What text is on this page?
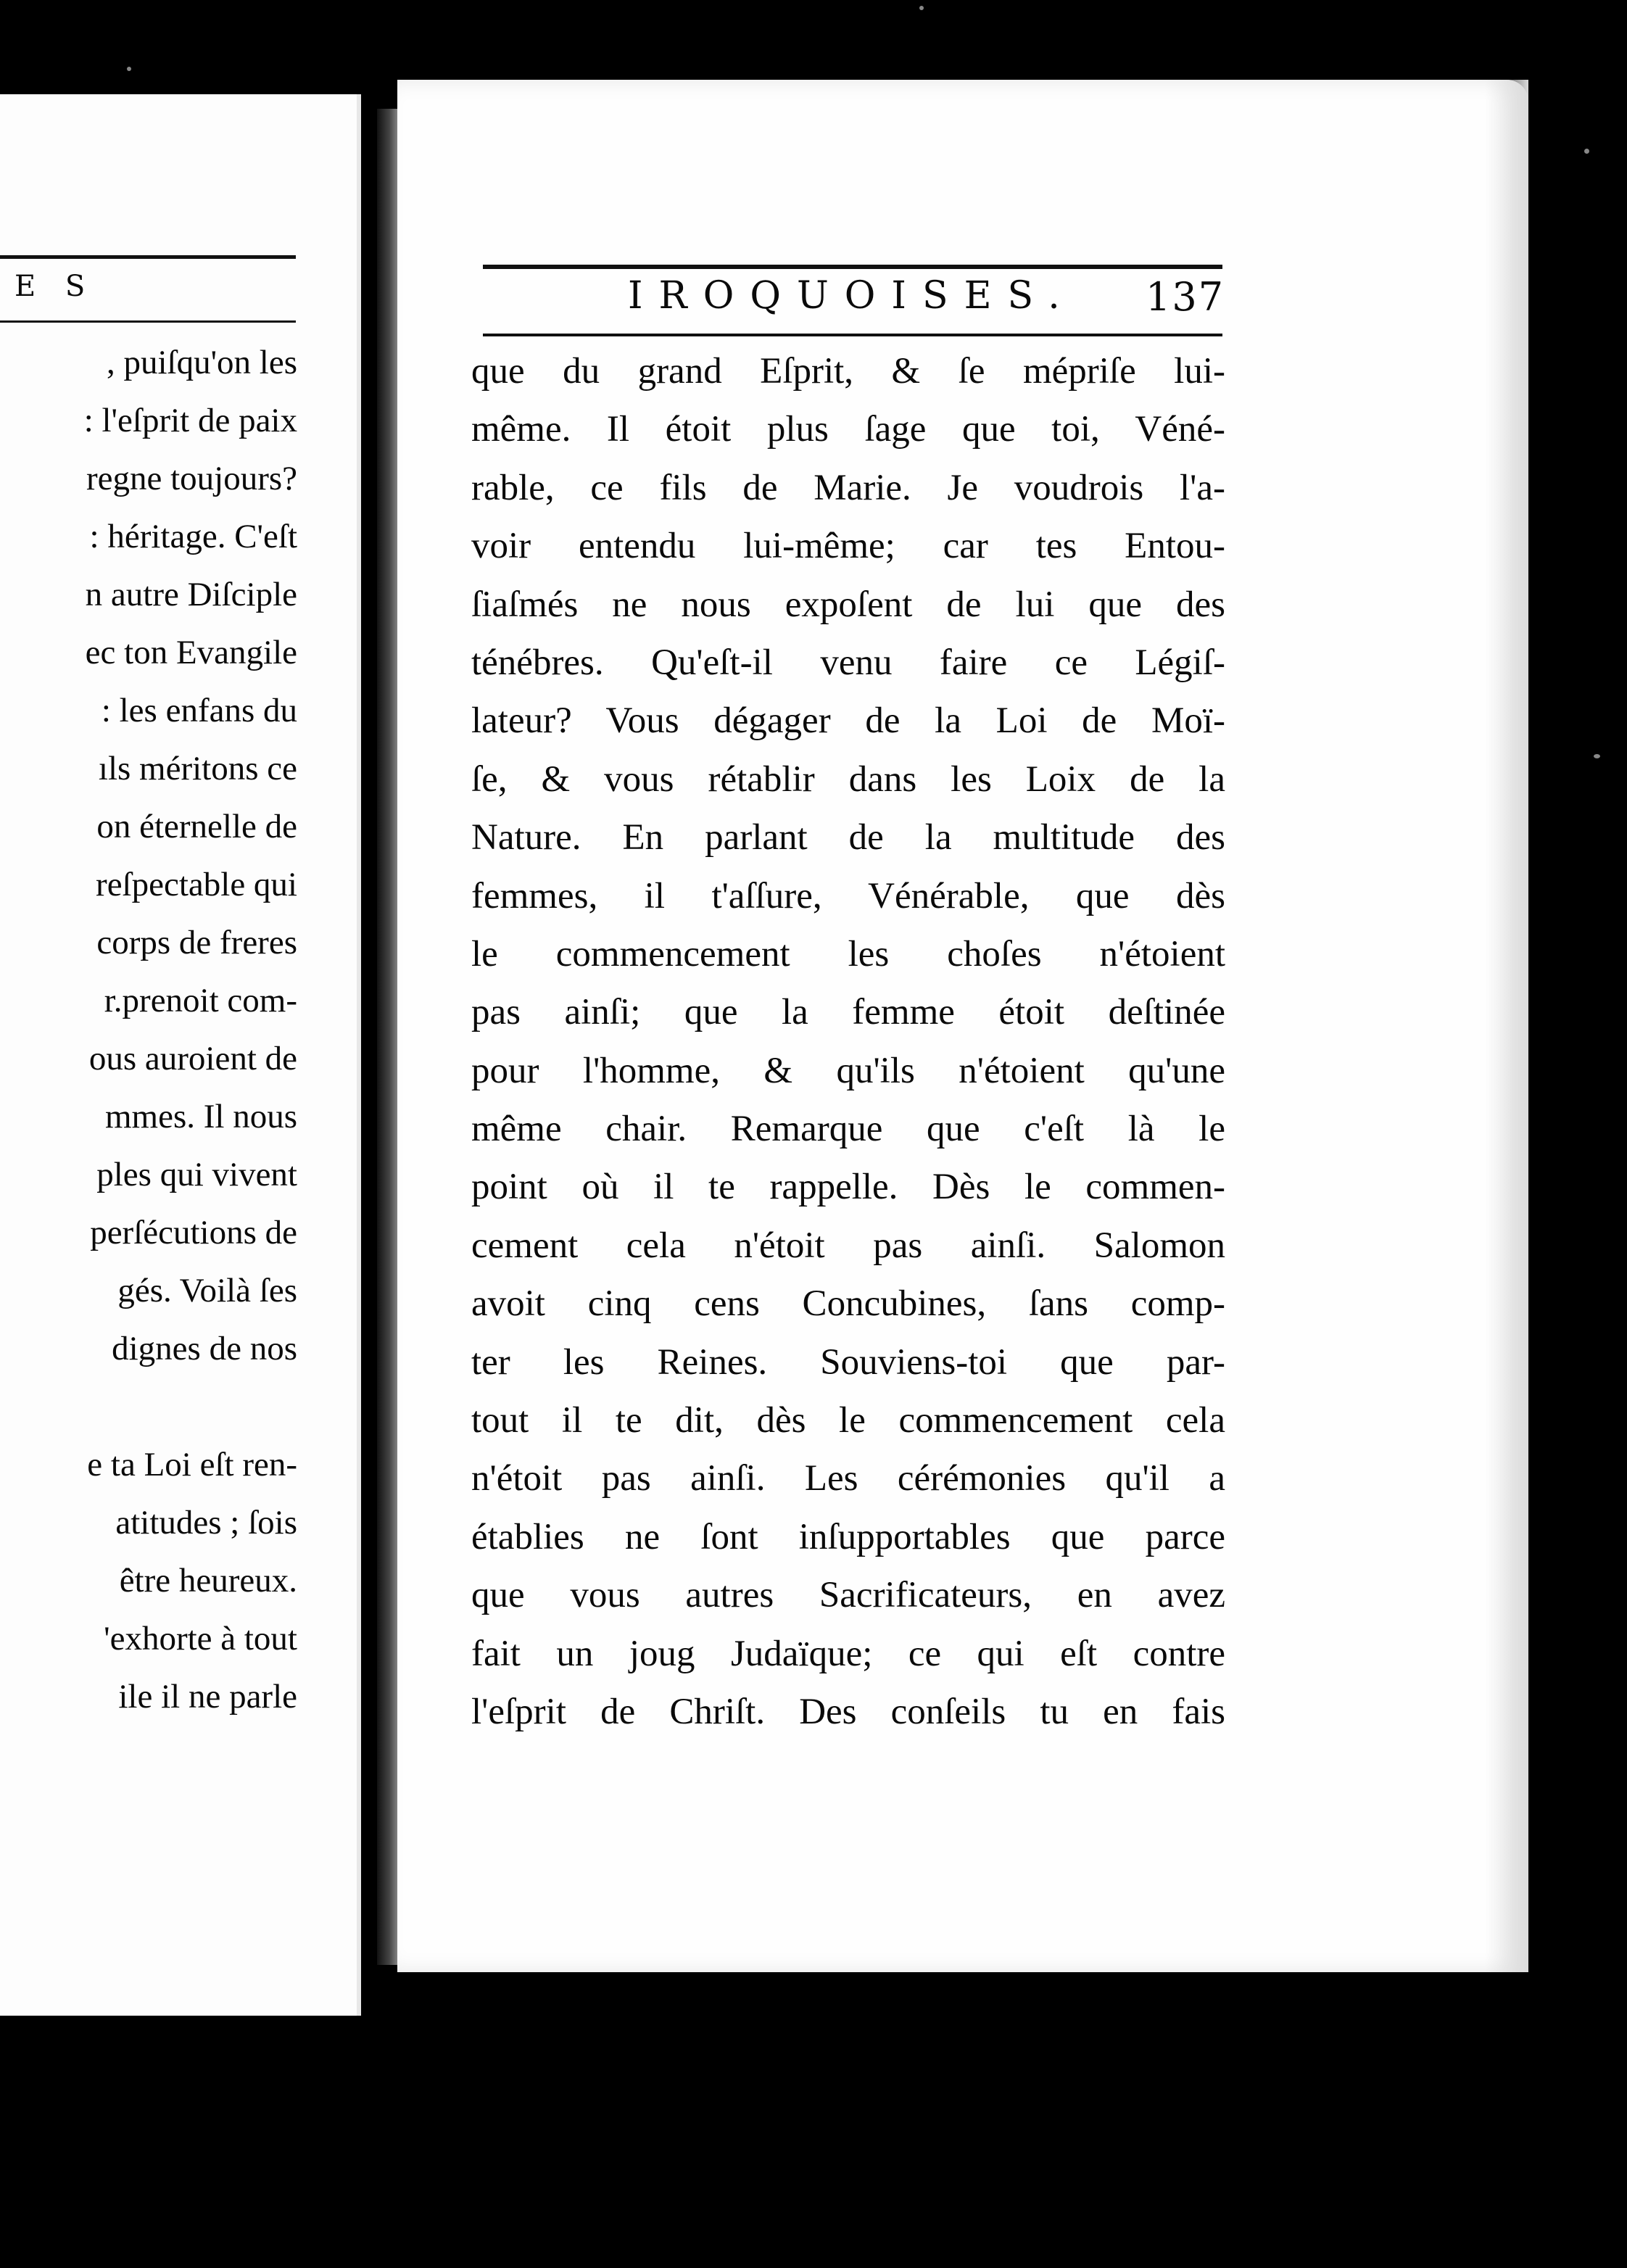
E S
, puiſqu'on les
: l'eſprit de paix
regne toujours?
: héritage. C'eſt
n autre Diſciple
ec ton Evangile
: les enfans du
ıls méritons ce
on éternelle de
reſpectable qui
corps de freres
r.prenoit com-
ous auroient de
mmes. Il nous
ples qui vivent
perſécutions de
gés. Voilà ſes
dignes de nos
e ta Loi eſt ren-
atitudes ; ſois
être heureux.
'exhorte à tout
ile il ne parle
IROQUOISES. 137
que du grand Eſprit, & ſe mépriſe lui-
même. Il étoit plus ſage que toi, Véné-
rable, ce fils de Marie. Je voudrois l'a-
voir entendu lui-même; car tes Entou-
ſiaſmés ne nous expoſent de lui que des
ténébres. Qu'eſt-il venu faire ce Légiſ-
lateur? Vous dégager de la Loi de Moï-
ſe, & vous rétablir dans les Loix de la
Nature. En parlant de la multitude des
femmes, il t'aſſure, Vénérable, que dès
le commencement les choſes n'étoient
pas ainſi; que la femme étoit deſtinée
pour l'homme, & qu'ils n'étoient qu'une
même chair. Remarque que c'eſt là le
point où il te rappelle. Dès le commen-
cement cela n'étoit pas ainſi. Salomon
avoit cinq cens Concubines, ſans comp-
ter les Reines. Souviens-toi que par-
tout il te dit, dès le commencement cela
n'étoit pas ainſi. Les cérémonies qu'il a
établies ne ſont inſupportables que parce
que vous autres Sacrificateurs, en avez
fait un joug Judaïque; ce qui eſt contre
l'eſprit de Chriſt. Des conſeils tu en fais
